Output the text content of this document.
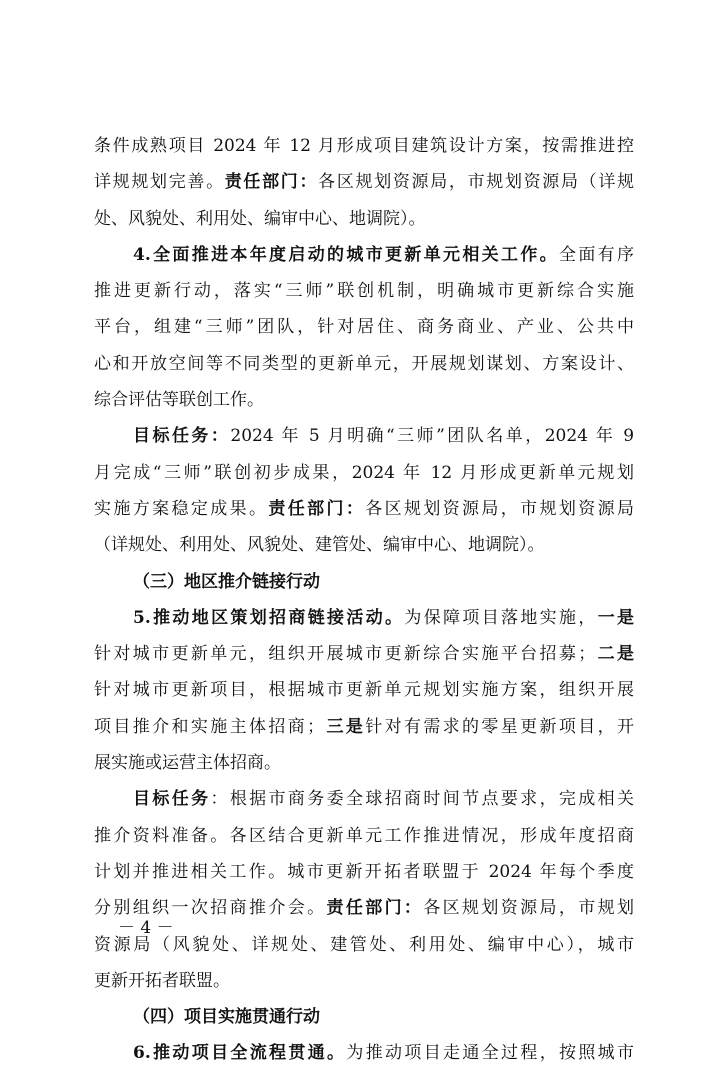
条件成熟项目 2024 年 12 月形成项目建筑设计方案，按需推进控
详规规划完善。责任部门：各区规划资源局，市规划资源局（详规
处、风貌处、利用处、编审中心、地调院）。
4.全面推进本年度启动的城市更新单元相关工作。全面有序
推进更新行动，落实“三师”联创机制，明确城市更新综合实施
平台，组建“三师”团队，针对居住、商务商业、产业、公共中
心和开放空间等不同类型的更新单元，开展规划谋划、方案设计、
综合评估等联创工作。
目标任务：2024 年 5 月明确“三师”团队名单，2024 年 9
月完成“三师”联创初步成果，2024 年 12 月形成更新单元规划
实施方案稳定成果。责任部门：各区规划资源局，市规划资源局
（详规处、利用处、风貌处、建管处、编审中心、地调院）。
（三）地区推介链接行动
5.推动地区策划招商链接活动。为保障项目落地实施，一是
针对城市更新单元，组织开展城市更新综合实施平台招募；二是
针对城市更新项目，根据城市更新单元规划实施方案，组织开展
项目推介和实施主体招商；三是针对有需求的零星更新项目，开
展实施或运营主体招商。
目标任务：根据市商务委全球招商时间节点要求，完成相关
推介资料准备。各区结合更新单元工作推进情况，形成年度招商
计划并推进相关工作。城市更新开拓者联盟于 2024 年每个季度
分别组织一次招商推介会。责任部门：各区规划资源局，市规划
资源局（风貌处、详规处、建管处、利用处、编审中心），城市
更新开拓者联盟。
（四）项目实施贯通行动
6.推动项目全流程贯通。为推动项目走通全过程，按照城市
－ 4 －
